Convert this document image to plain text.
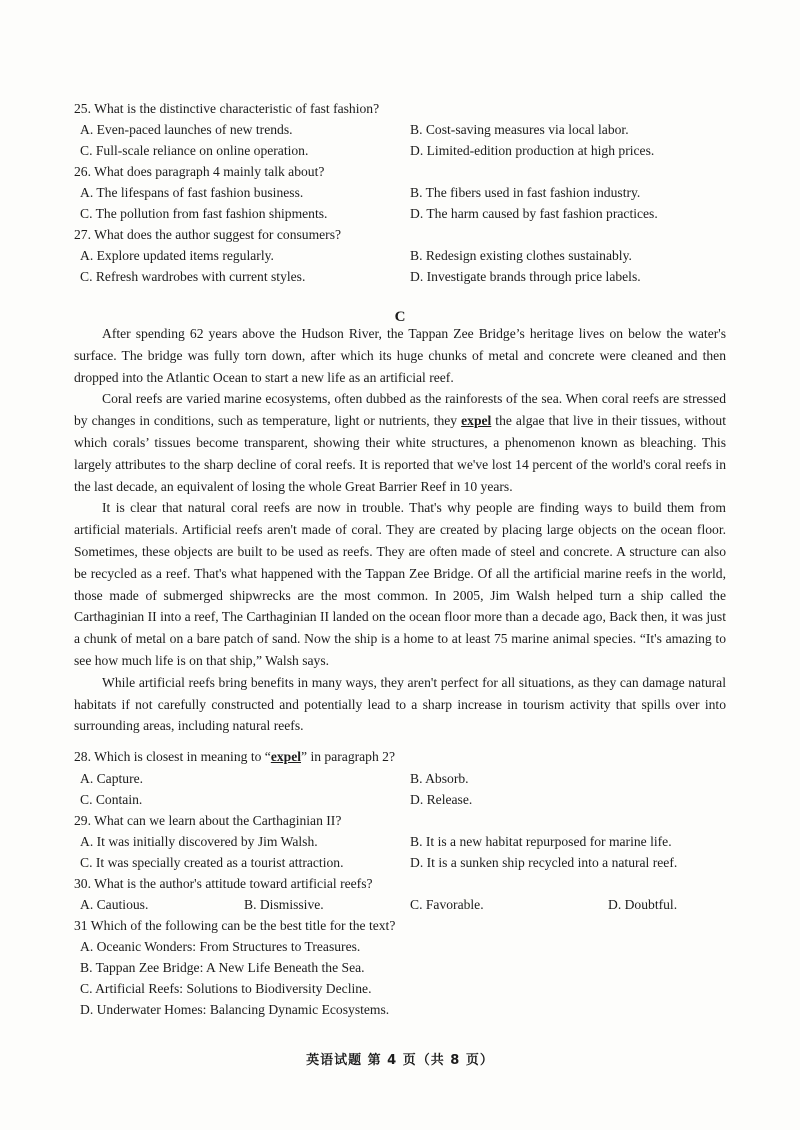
25. What is the distinctive characteristic of fast fashion?
A. Even-paced launches of new trends.	B. Cost-saving measures via local labor.
C. Full-scale reliance on online operation.	D. Limited-edition production at high prices.
26. What does paragraph 4 mainly talk about?
A. The lifespans of fast fashion business.	B. The fibers used in fast fashion industry.
C. The pollution from fast fashion shipments.	D. The harm caused by fast fashion practices.
27. What does the author suggest for consumers?
A. Explore updated items regularly.	B. Redesign existing clothes sustainably.
C. Refresh wardrobes with current styles.	D. Investigate brands through price labels.
C

After spending 62 years above the Hudson River, the Tappan Zee Bridge’s heritage lives on below the water's surface. The bridge was fully torn down, after which its huge chunks of metal and concrete were cleaned and then dropped into the Atlantic Ocean to start a new life as an artificial reef.

Coral reefs are varied marine ecosystems, often dubbed as the rainforests of the sea. When coral reefs are stressed by changes in conditions, such as temperature, light or nutrients, they expel the algae that live in their tissues, without which corals’ tissues become transparent, showing their white structures, a phenomenon known as bleaching. This largely attributes to the sharp decline of coral reefs. It is reported that we've lost 14 percent of the world's coral reefs in the last decade, an equivalent of losing the whole Great Barrier Reef in 10 years.

It is clear that natural coral reefs are now in trouble. That's why people are finding ways to build them from artificial materials. Artificial reefs aren't made of coral. They are created by placing large objects on the ocean floor. Sometimes, these objects are built to be used as reefs. They are often made of steel and concrete. A structure can also be recycled as a reef. That's what happened with the Tappan Zee Bridge. Of all the artificial marine reefs in the world, those made of submerged shipwrecks are the most common. In 2005, Jim Walsh helped turn a ship called the Carthaginian II into a reef, The Carthaginian II landed on the ocean floor more than a decade ago, Back then, it was just a chunk of metal on a bare patch of sand. Now the ship is a home to at least 75 marine animal species. “It's amazing to see how much life is on that ship,” Walsh says.

While artificial reefs bring benefits in many ways, they aren't perfect for all situations, as they can damage natural habitats if not carefully constructed and potentially lead to a sharp increase in tourism activity that spills over into surrounding areas, including natural reefs.

28. Which is closest in meaning to “expel” in paragraph 2?
A. Capture.	B. Absorb.
C. Contain.	D. Release.
29. What can we learn about the Carthaginian II?
A. It was initially discovered by Jim Walsh.	B. It is a new habitat repurposed for marine life.
C. It was specially created as a tourist attraction.	D. It is a sunken ship recycled into a natural reef.
30. What is the author's attitude toward artificial reefs?
A. Cautious.	B. Dismissive.	C. Favorable.	D. Doubtful.
31 Which of the following can be the best title for the text?
A. Oceanic Wonders: From Structures to Treasures.
B. Tappan Zee Bridge: A New Life Beneath the Sea.
C. Artificial Reefs: Solutions to Biodiversity Decline.
D. Underwater Homes: Balancing Dynamic Ecosystems.
英语试题 第 4 页（共 8 页）
